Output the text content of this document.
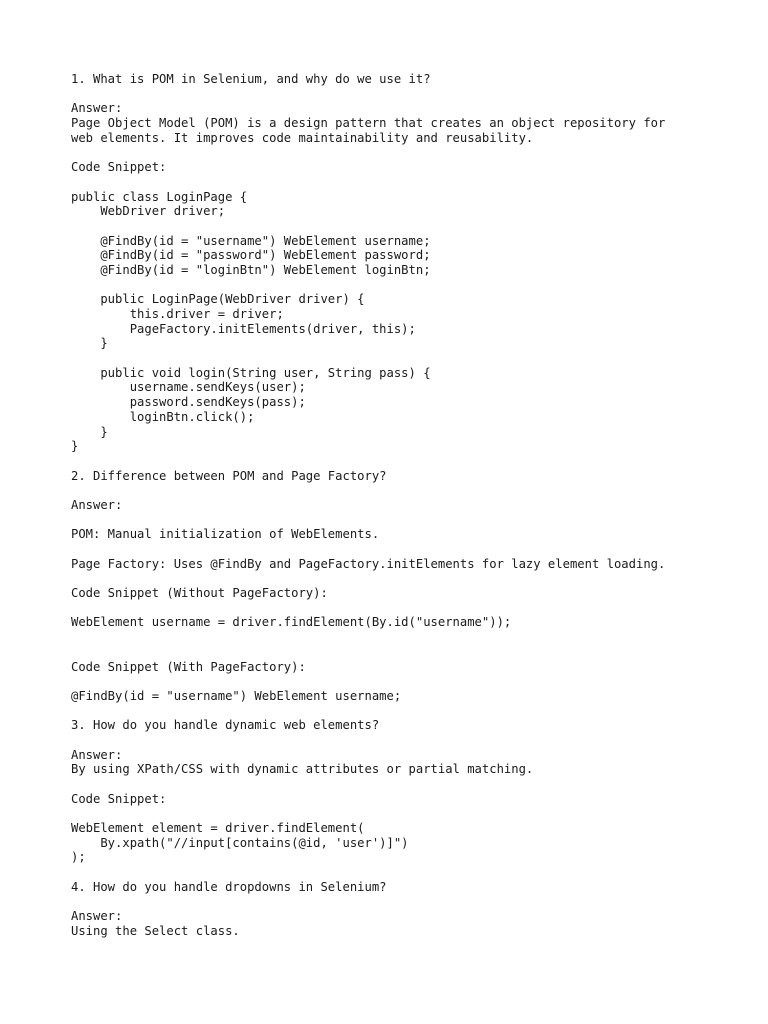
1. What is POM in Selenium, and why do we use it?
Answer:
Page Object Model (POM) is a design pattern that creates an object repository for
web elements. It improves code maintainability and reusability.
Code Snippet:
public class LoginPage {
WebDriver driver;
@FindBy(id = "username") WebElement username;
@FindBy(id = "password") WebElement password;
@FindBy(id = "loginBtn") WebElement loginBtn;
public LoginPage(WebDriver driver) {
this.driver = driver;
PageFactory.initElements(driver, this);
}
public void login(String user, String pass) {
username.sendKeys(user);
password.sendKeys(pass);
loginBtn.click();
}
}
2. Difference between POM and Page Factory?
Answer:
POM: Manual initialization of WebElements.
Page Factory: Uses @FindBy and PageFactory.initElements for lazy element loading.
Code Snippet (Without PageFactory):
WebElement username = driver.findElement(By.id("username"));
Code Snippet (With PageFactory):
@FindBy(id = "username") WebElement username;
3. How do you handle dynamic web elements?
Answer:
By using XPath/CSS with dynamic attributes or partial matching.
Code Snippet:
WebElement element = driver.findElement(
By.xpath("//input[contains(@id, 'user')]")
);
4. How do you handle dropdowns in Selenium?
Answer:
Using the Select class.
